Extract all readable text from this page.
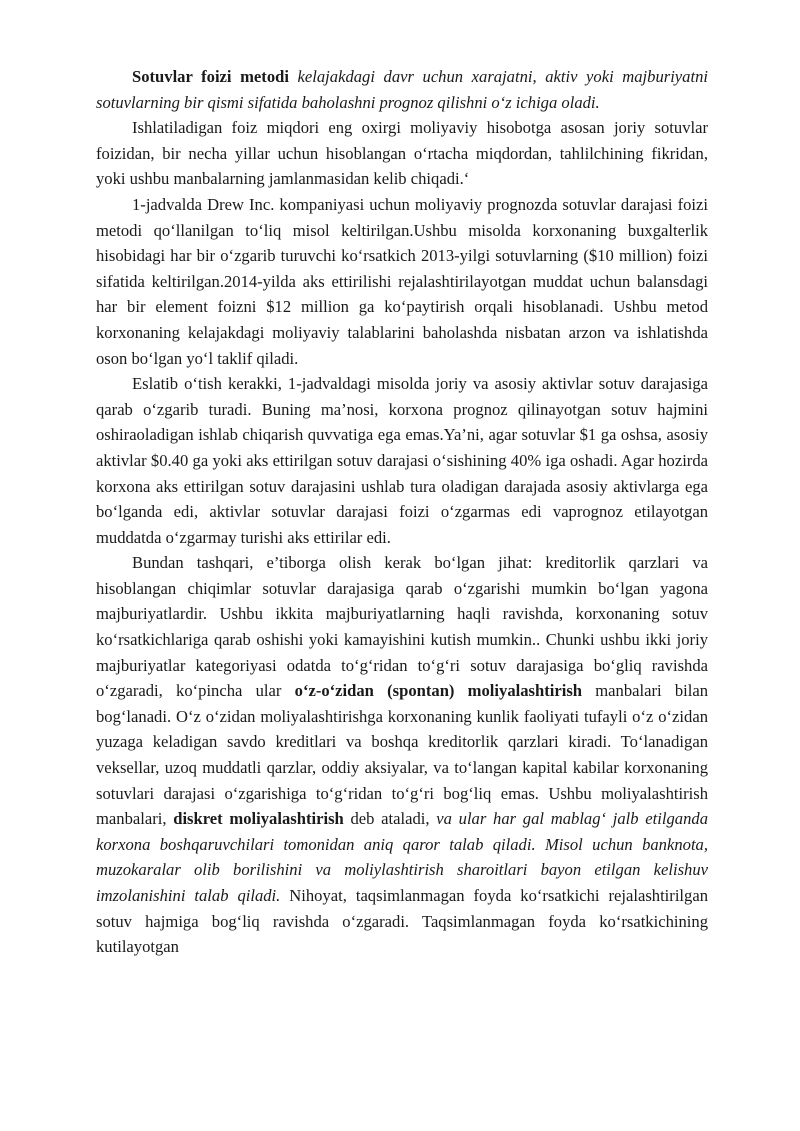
Sotuvlar foizi metodi kelajakdagi davr uchun xarajatni, aktiv yoki majburiyatni sotuvlarning bir qismi sifatida baholashni prognoz qilishni o‘z ichiga oladi.

Ishlatiladigan foiz miqdori eng oxirgi moliyaviy hisobotga asosan joriy sotuvlar foizidan, bir necha yillar uchun hisoblangan o‘rtacha miqdordan, tahlilchining fikridan, yoki ushbu manbalarning jamlanmasidan kelib chiqadi.‘

1-jadvalda Drew Inc. kompaniyasi uchun moliyaviy prognozda sotuvlar darajasi foizi metodi qo‘llanilgan to‘liq misol keltirilgan.Ushbu misolda korxonaning buxgalterlik hisobidagi har bir o‘zgarib turuvchi ko‘rsatkich 2013-yilgi sotuvlarning ($10 million) foizi sifatida keltirilgan.2014-yilda aks ettirilishi rejalashtirilayotgan muddat uchun balansdagi har bir element foizni $12 million ga ko‘paytirish orqali hisoblanadi. Ushbu metod korxonaning kelajakdagi moliyaviy talablarini baholashda nisbatan arzon va ishlatishda oson bo‘lgan yo‘l taklif qiladi.

Eslatib o‘tish kerakki, 1-jadvaldagi misolda joriy va asosiy aktivlar sotuv darajasiga qarab o‘zgarib turadi. Buning ma’nosi, korxona prognoz qilinayotgan sotuv hajmini oshiraoladigan ishlab chiqarish quvvatiga ega emas.Ya’ni, agar sotuvlar $1 ga oshsa, asosiy aktivlar $0.40 ga yoki aks ettirilgan sotuv darajasi o‘sishining 40% iga oshadi. Agar hozirda korxona aks ettirilgan sotuv darajasini ushlab tura oladigan darajada asosiy aktivlarga ega bo‘lganda edi, aktivlar sotuvlar darajasi foizi o‘zgarmas edi vaprognoz etilayotgan muddatda o‘zgarmay turishi aks ettirilar edi.

Bundan tashqari, e’tiborga olish kerak bo‘lgan jihat: kreditorlik qarzlari va hisoblangan chiqimlar sotuvlar darajasiga qarab o‘zgarishi mumkin bo‘lgan yagona majburiyatlardir. Ushbu ikkita majburiyatlarning haqli ravishda, korxonaning sotuv ko‘rsatkichlariga qarab oshishi yoki kamayishini kutish mumkin.. Chunki ushbu ikki joriy majburiyatlar kategoriyasi odatda to‘g‘ridan to‘g‘ri sotuv darajasiga bo‘gliq ravishda o‘zgaradi, ko‘pincha ular o‘z-o‘zidan (spontan) moliyalashtirish manbalari bilan bog‘lanadi. O‘z o‘zidan moliyalashtirishga korxonaning kunlik faoliyati tufayli o‘z o‘zidan yuzaga keladigan savdo kreditlari va boshqa kreditorlik qarzlari kiradi. To‘lanadigan veksellar, uzoq muddatli qarzlar, oddiy aksiyalar, va to‘langan kapital kabilar korxonaning sotuvlari darajasi o‘zgarishiga to‘g‘ridan to‘g‘ri bog‘liq emas. Ushbu moliyalashtirish manbalari, diskret moliyalashtirish deb ataladi, va ular har gal mablag‘ jalb etilganda korxona boshqaruvchilari tomonidan aniq qaror talab qiladi. Misol uchun banknota, muzokaralar olib borilishini va moliylashtirish sharoitlari bayon etilgan kelishuv imzolanishini talab qiladi. Nihoyat, taqsimlanmagan foyda ko‘rsatkichi rejalashtirilgan sotuv hajmiga bog‘liq ravishda o‘zgaradi. Taqsimlanmagan foyda ko‘rsatkichining kutilayotgan
